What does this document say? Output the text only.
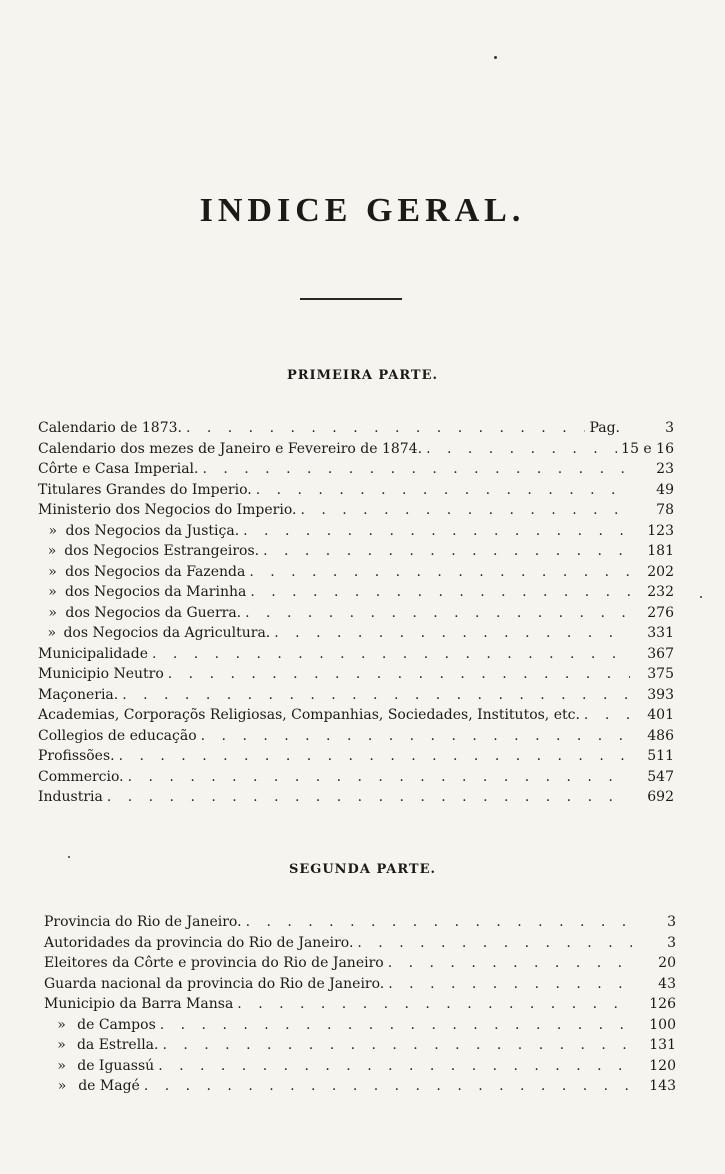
INDICE GERAL.
PRIMEIRA PARTE.
Calendario de 1873. . . .	Pag.	3
Calendario dos mezes de Janeiro e Fevereiro de 1874. . . .	15 e 16
Côrte e Casa Imperial. . . .	23
Titulares Grandes do Imperio. . . .	49
Ministerio dos Negocios do Imperio. . . .	78
» dos Negocios da Justiça. . . .	123
» dos Negocios Estrangeiros. . . .	181
» dos Negocios da Fazenda . . .	202
» dos Negocios da Marinha . . .	232
» dos Negocios da Guerra. . . .	276
» dos Negocios da Agricultura. . . .	331
Municipalidade . . .	367
Municipio Neutro . . .	375
Maçoneria. . . .	393
Academias, Corporaçõs Religiosas, Companhias, Sociedades, Institutos, etc. . . .	401
Collegios de educação . . .	486
Profissões. . . .	511
Commercio. . . .	547
Industria . . .	692
SEGUNDA PARTE.
Provincia do Rio de Janeiro. . . .	3
Autoridades da provincia do Rio de Janeiro. . . .	3
Eleitores da Côrte e provincia do Rio de Janeiro . . .	20
Guarda nacional da provincia do Rio de Janeiro. . . .	43
Municipio da Barra Mansa . . .	126
» de Campos . . .	100
» da Estrella. . . .	131
» de Iguassú . . .	120
» de Magé . . .	143
